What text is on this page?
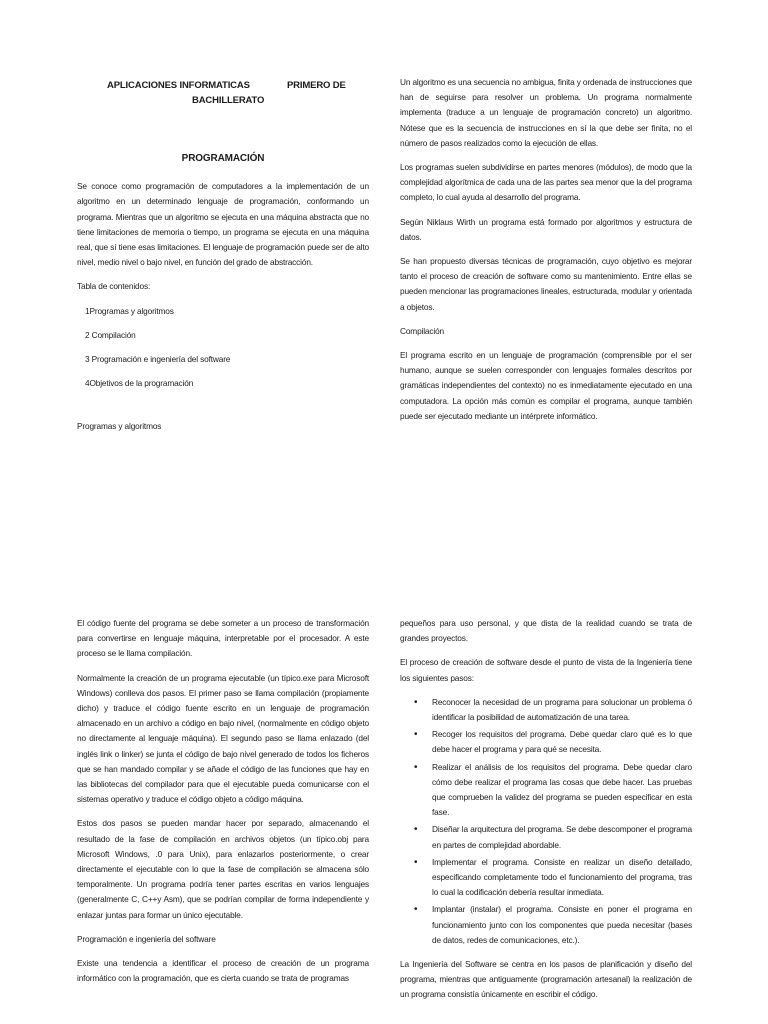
APLICACIONES INFORMATICAS	PRIMERO DE
BACHILLERATO
PROGRAMACIÓN

Se conoce como programación de computadores a la implementación de un algoritmo en un determinado lenguaje de programación, conformando un programa. Mientras que un algoritmo se ejecuta en una máquina abstracta que no tiene limitaciones de memoria o tiempo, un programa se ejecuta en una máquina real, que sí tiene esas limitaciones. El lenguaje de programación puede ser de alto nivel, medio nivel o bajo nivel, en función del grado de abstracción.

Tabla de contenidos:
1Programas y algoritmos
2 Compilación
3 Programación e ingeniería del software
4Objetivos de la programación
Programas y algoritmos

Un algoritmo es una secuencia no ambigua, finita y ordenada de instrucciones que han de seguirse para resolver un problema. Un programa normalmente implementa (traduce a un lenguaje de programación concreto) un algoritmo. Nótese que es la secuencia de instrucciones en sí la que debe ser finita, no el número de pasos realizados como la ejecución de ellas.

Los programas suelen subdividirse en partes menores (módulos), de modo que la complejidad algorítmica de cada una de las partes sea menor que la del programa completo, lo cual ayuda al desarrollo del programa.

Según Niklaus Wirth un programa está formado por algoritmos y estructura de datos.

Se han propuesto diversas técnicas de programación, cuyo objetivo es mejorar tanto el proceso de creación de software como su mantenimiento. Entre ellas se pueden mencionar las programaciones lineales, estructurada, modular y orientada a objetos.

Compilación

El programa escrito en un lenguaje de programación (comprensible por el ser humano, aunque se suelen corresponder con lenguajes formales descritos por gramáticas independientes del contexto) no es inmediatamente ejecutado en una computadora. La opción más común es compilar el programa, aunque también puede ser ejecutado mediante un intérprete informático.

El código fuente del programa se debe someter a un proceso de transformación para convertirse en lenguaje máquina, interpretable por el procesador. A este proceso se le llama compilación.

Normalmente la creación de un programa ejecutable (un típico.exe para Microsoft Windows) conlleva dos pasos. El primer paso se llama compilación (propiamente dicho) y traduce el código fuente escrito en un lenguaje de programación almacenado en un archivo a código en bajo nivel, (normalmente en código objeto no directamente al lenguaje máquina). El segundo paso se llama enlazado (del inglés link o linker) se junta el código de bajo nivel generado de todos los ficheros que se han mandado compilar y se añade el código de las funciones que hay en las bibliotecas del compilador para que el ejecutable pueda comunicarse con el sistemas operativo y traduce el código objeto a código máquina.

Estos dos pasos se pueden mandar hacer por separado, almacenando el resultado de la fase de compilación en archivos objetos (un típico.obj para Microsoft Windows, .0 para Unix), para enlazarlos posteriormente, o crear directamente el ejecutable con lo que la fase de compilación se almacena sólo temporalmente. Un programa podría tener partes escritas en varios lenguajes (generalmente C, C++y Asm), que se podrían compilar de forma independiente y enlazar juntas para formar un único ejecutable.

Programación e ingeniería del software

Existe una tendencia a identificar el proceso de creación de un programa informático con la programación, que es cierta cuando se trata de programas

pequeños para uso personal, y que dista de la realidad cuando se trata de grandes proyectos.

El proceso de creación de software desde el punto de vista de la Ingeniería tiene los siguientes pasos:

• Reconocer la necesidad de un programa para solucionar un problema ó identificar la posibilidad de automatización de una tarea.
• Recoger los requisitos del programa. Debe quedar claro qué es lo que debe hacer el programa y para qué se necesita.
• Realizar el análisis de los requisitos del programa. Debe quedar claro cómo debe realizar el programa las cosas que debe hacer. Las pruebas que comprueben la validez del programa se pueden especificar en esta fase.
• Diseñar la arquitectura del programa. Se debe descomponer el programa en partes de complejidad abordable.
• Implementar el programa. Consiste en realizar un diseño detallado, especificando completamente todo el funcionamiento del programa, tras lo cual la codificación debería resultar inmediata.
• Implantar (instalar) el programa. Consiste en poner el programa en funcionamiento junto con los componentes que pueda necesitar (bases de datos, redes de comunicaciones, etc.).

La Ingeniería del Software se centra en los pasos de planificación y diseño del programa, mientras que antiguamente (programación artesanal) la realización de un programa consistía únicamente en escribir el código.
